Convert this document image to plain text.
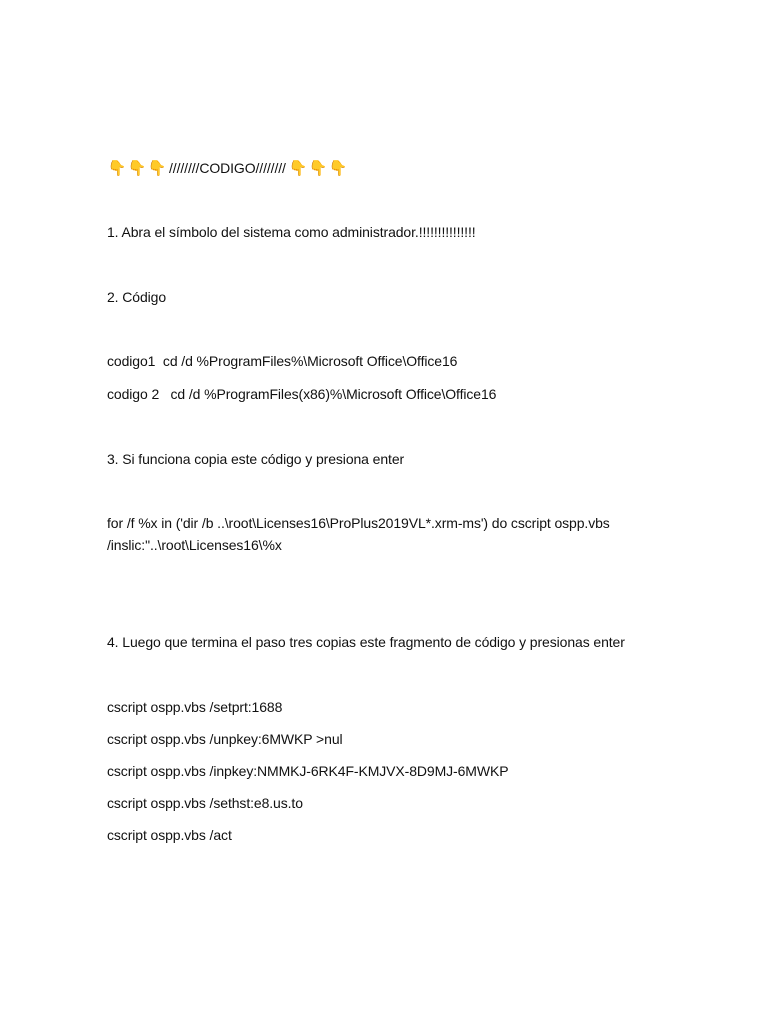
👇 👇 👇 ////////CODIGO//////// 👇 👇 👇
1. Abra el símbolo del sistema como administrador.!!!!!!!!!!!!!!!
2. Código
codigo1  cd /d %ProgramFiles%\Microsoft Office\Office16
codigo 2   cd /d %ProgramFiles(x86)%\Microsoft Office\Office16
3. Si funciona copia este código y presiona enter
for /f %x in ('dir /b ..\root\Licenses16\ProPlus2019VL*.xrm-ms') do cscript ospp.vbs /inslic:"..\root\Licenses16\%x
4. Luego que termina el paso tres copias este fragmento de código y presionas enter
cscript ospp.vbs /setprt:1688
cscript ospp.vbs /unpkey:6MWKP >nul
cscript ospp.vbs /inpkey:NMMKJ-6RK4F-KMJVX-8D9MJ-6MWKP
cscript ospp.vbs /sethst:e8.us.to
cscript ospp.vbs /act
